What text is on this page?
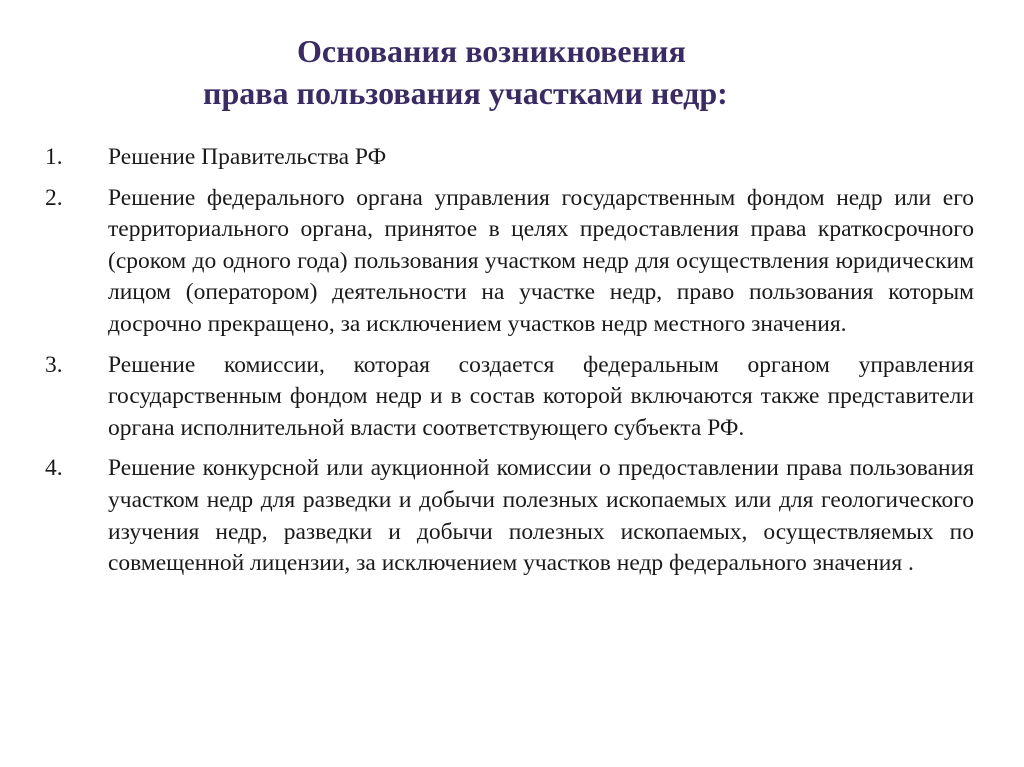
Основания возникновения
права пользования участками недр:
1.	Решение Правительства РФ
2.	Решение федерального органа управления государственным фондом недр или его территориального органа, принятое в целях предоставления права краткосрочного (сроком до одного года) пользования участком недр для осуществления юридическим лицом (оператором) деятельности на участке недр, право пользования которым досрочно прекращено, за исключением участков недр местного значения.
3.	Решение комиссии, которая создается федеральным органом управления государственным фондом недр и в состав которой включаются также представители органа исполнительной власти соответствующего субъекта РФ.
4.	Решение конкурсной или аукционной комиссии о предоставлении права пользования участком недр для разведки и добычи полезных ископаемых или для геологического изучения недр, разведки и добычи полезных ископаемых, осуществляемых по совмещенной лицензии, за исключением участков недр федерального значения .
